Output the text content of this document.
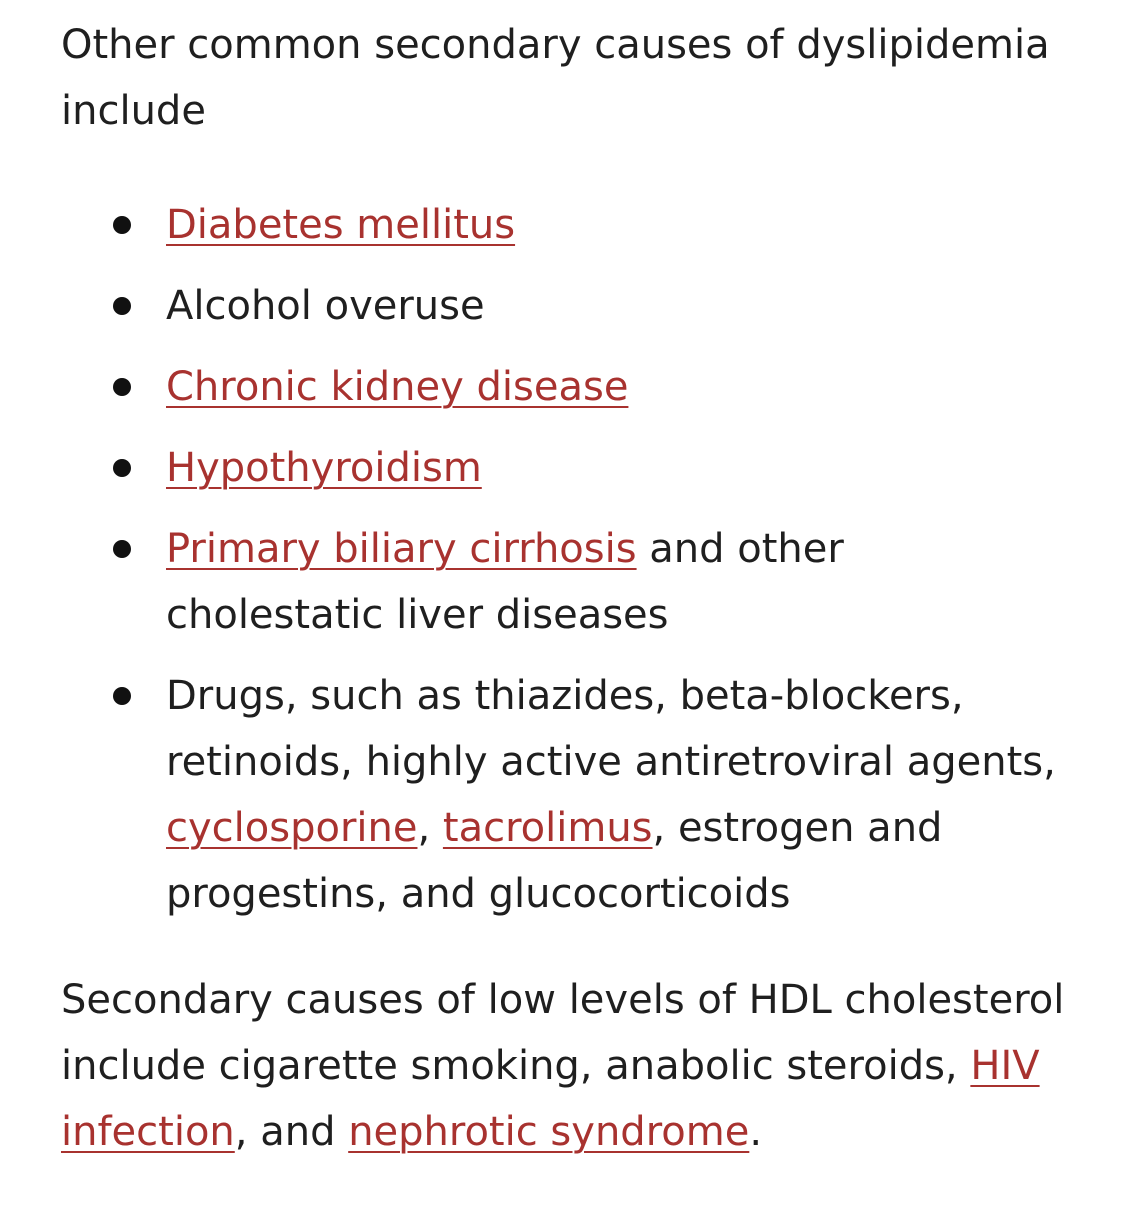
Other common secondary causes of dyslipidemia include

Diabetes mellitus
Alcohol overuse
Chronic kidney disease
Hypothyroidism
Primary biliary cirrhosis and other cholestatic liver diseases
Drugs, such as thiazides, beta-blockers, retinoids, highly active antiretroviral agents, cyclosporine, tacrolimus, estrogen and progestins, and glucocorticoids

Secondary causes of low levels of HDL cholesterol include cigarette smoking, anabolic steroids, HIV infection, and nephrotic syndrome.
